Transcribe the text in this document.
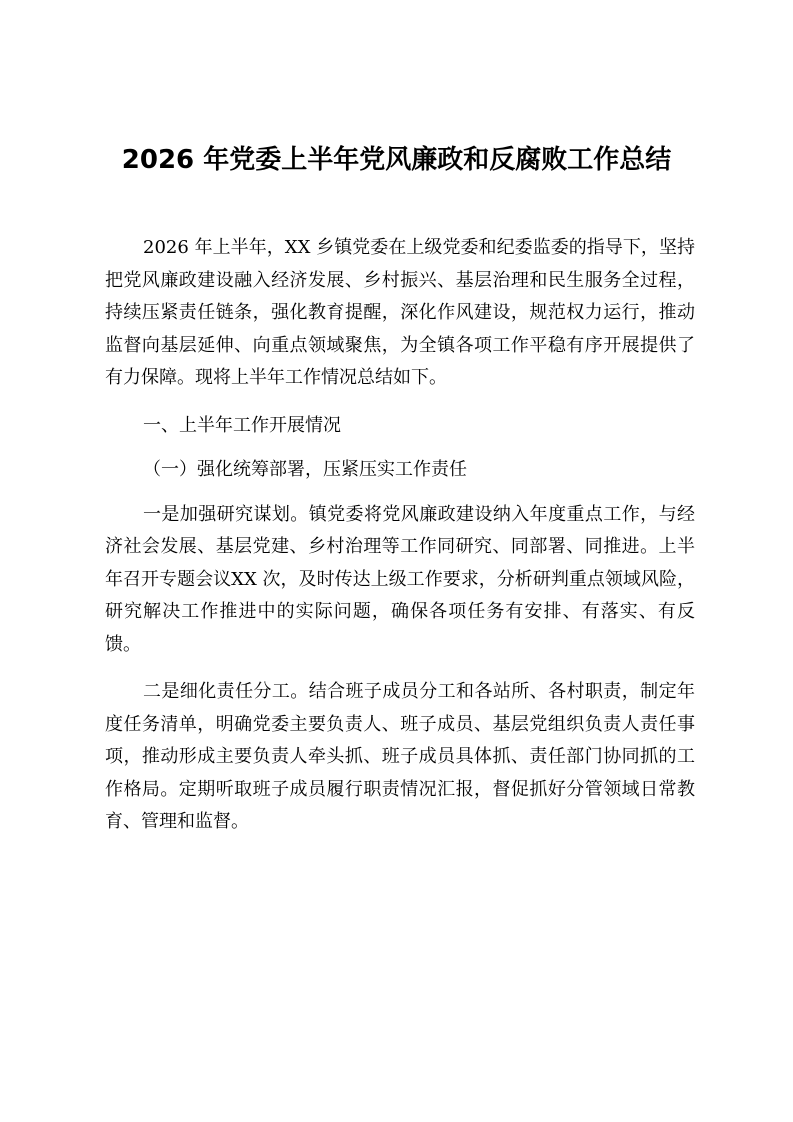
2026 年党委上半年党风廉政和反腐败工作总结

2026 年上半年，XX 乡镇党委在上级党委和纪委监委的指导下，坚持把党风廉政建设融入经济发展、乡村振兴、基层治理和民生服务全过程，持续压紧责任链条，强化教育提醒，深化作风建设，规范权力运行，推动监督向基层延伸、向重点领域聚焦，为全镇各项工作平稳有序开展提供了有力保障。现将上半年工作情况总结如下。

一、上半年工作开展情况

（一）强化统筹部署，压紧压实工作责任

一是加强研究谋划。镇党委将党风廉政建设纳入年度重点工作，与经济社会发展、基层党建、乡村治理等工作同研究、同部署、同推进。上半年召开专题会议XX 次，及时传达上级工作要求，分析研判重点领域风险，研究解决工作推进中的实际问题，确保各项任务有安排、有落实、有反馈。

二是细化责任分工。结合班子成员分工和各站所、各村职责，制定年度任务清单，明确党委主要负责人、班子成员、基层党组织负责人责任事项，推动形成主要负责人牵头抓、班子成员具体抓、责任部门协同抓的工作格局。定期听取班子成员履行职责情况汇报，督促抓好分管领域日常教育、管理和监督。
